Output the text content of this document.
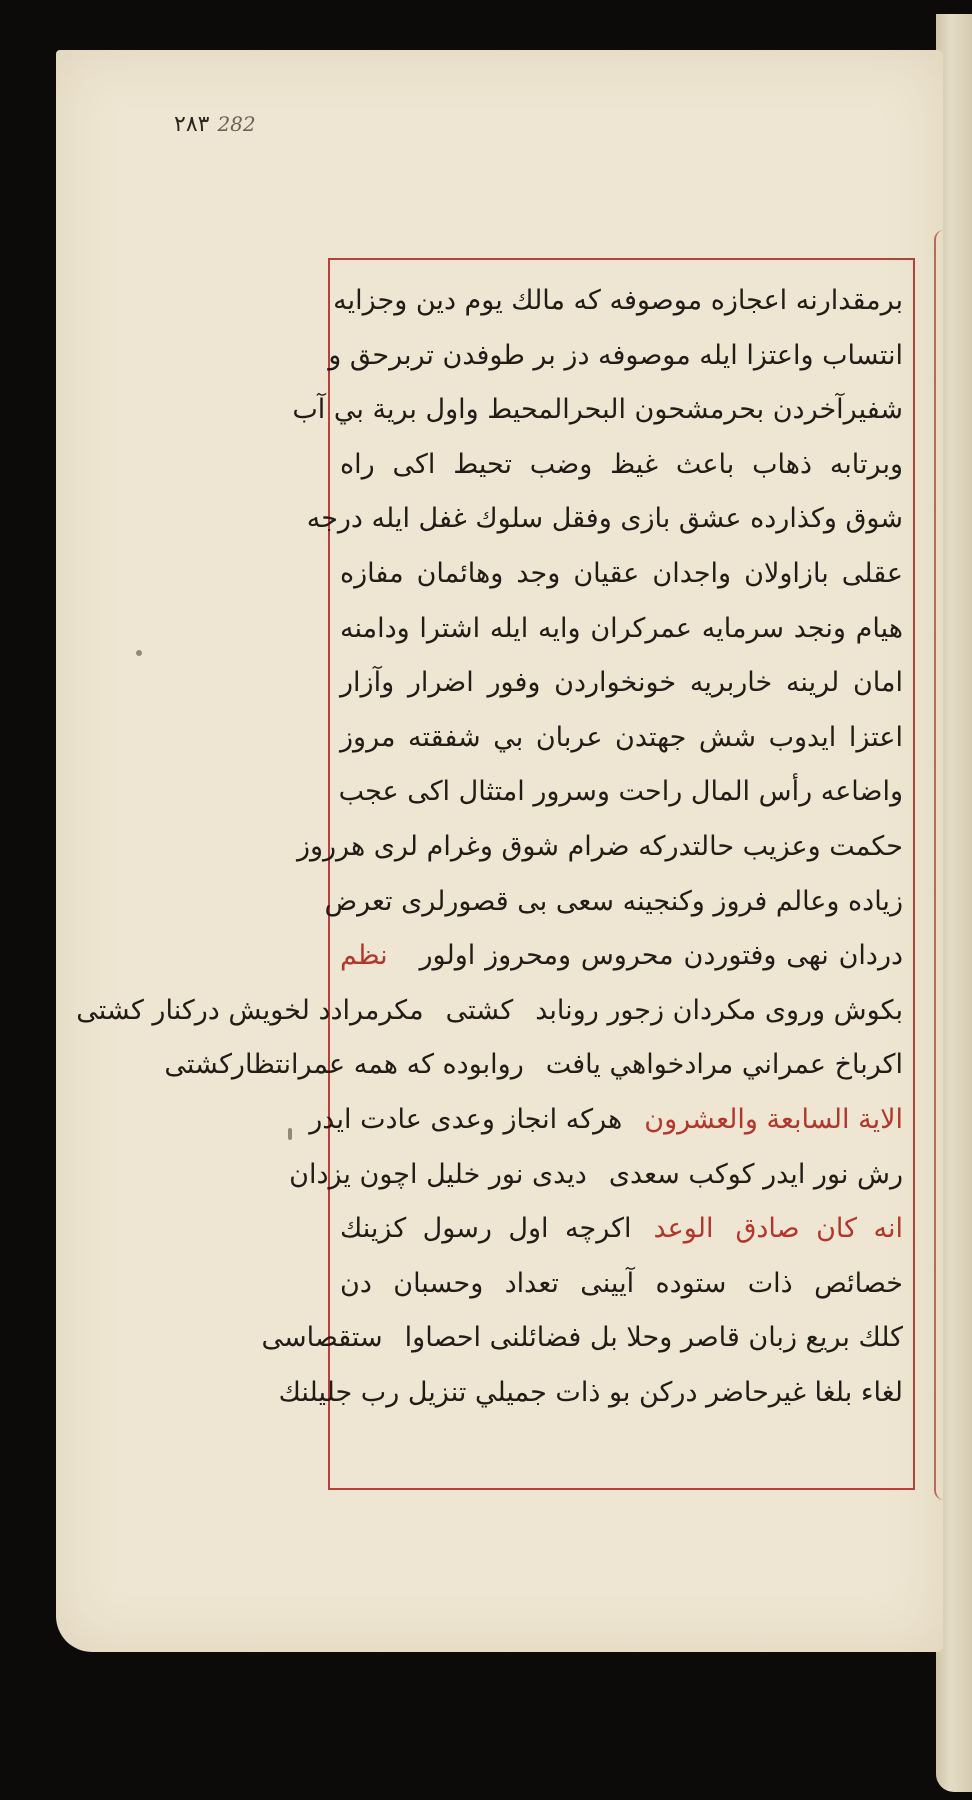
٢٨٣ 282
برمقدارنه اعجازه موصوفه که مالك يوم دين وجزايه
انتساب واعتزا ايله موصوفه دز بر طوفدن تربرحق و
شفيرآخردن بحرمشحون البحرالمحيط واول برية بي آب
وبرتابه ذهاب باعث غيظ وضب تحيط اكى راه
شوق وكذارده عشق بازى وفقل سلوك غفل ايله درجه
عقلى بازاولان واجدان عقيان وجد وهائمان مفازه
هيام ونجد سرمايه عمركران وايه ايله اشترا ودامنه
امان لرينه خاربريه خونخواردن وفور اضرار وآزار
اعتزا ايدوب شش جهتدن عربان بي شفقته مروز
واضاعه رأس المال راحت وسرور امتثال اكى عجب
حكمت وعزيب حالتدركه ضرام شوق وغرام لرى هرروز
زياده وعالم فروز وكنجينه سعى بى قصورلرى تعرض
دردان نهى وفتوردن محروس ومحروز اولور نظم
بكوش وروى مكردان زجور رونابدكشتىمكرمرادد لخويش دركنار كشتى
اكرباخ عمراني مرادخواهي يافتروابوده كه همه عمرانتظاركشتى
الاية السابعة والعشرونهركه انجاز وعدى عادت ايدر
رش نور ايدر كوكب سعدىديدى نور خليل اچون يزدان
انه كان صادقالوعداكرچه اول رسول كزينك
خصائص ذات ستوده آيينى تعداد وحسبان دن
كلك بريع زبان قاصر وحلا بل فضائلنى احصاواستقصاسى
لغاء بلغا غيرحاضر دركن بو ذات جميلي تنزيل رب جليلنك
